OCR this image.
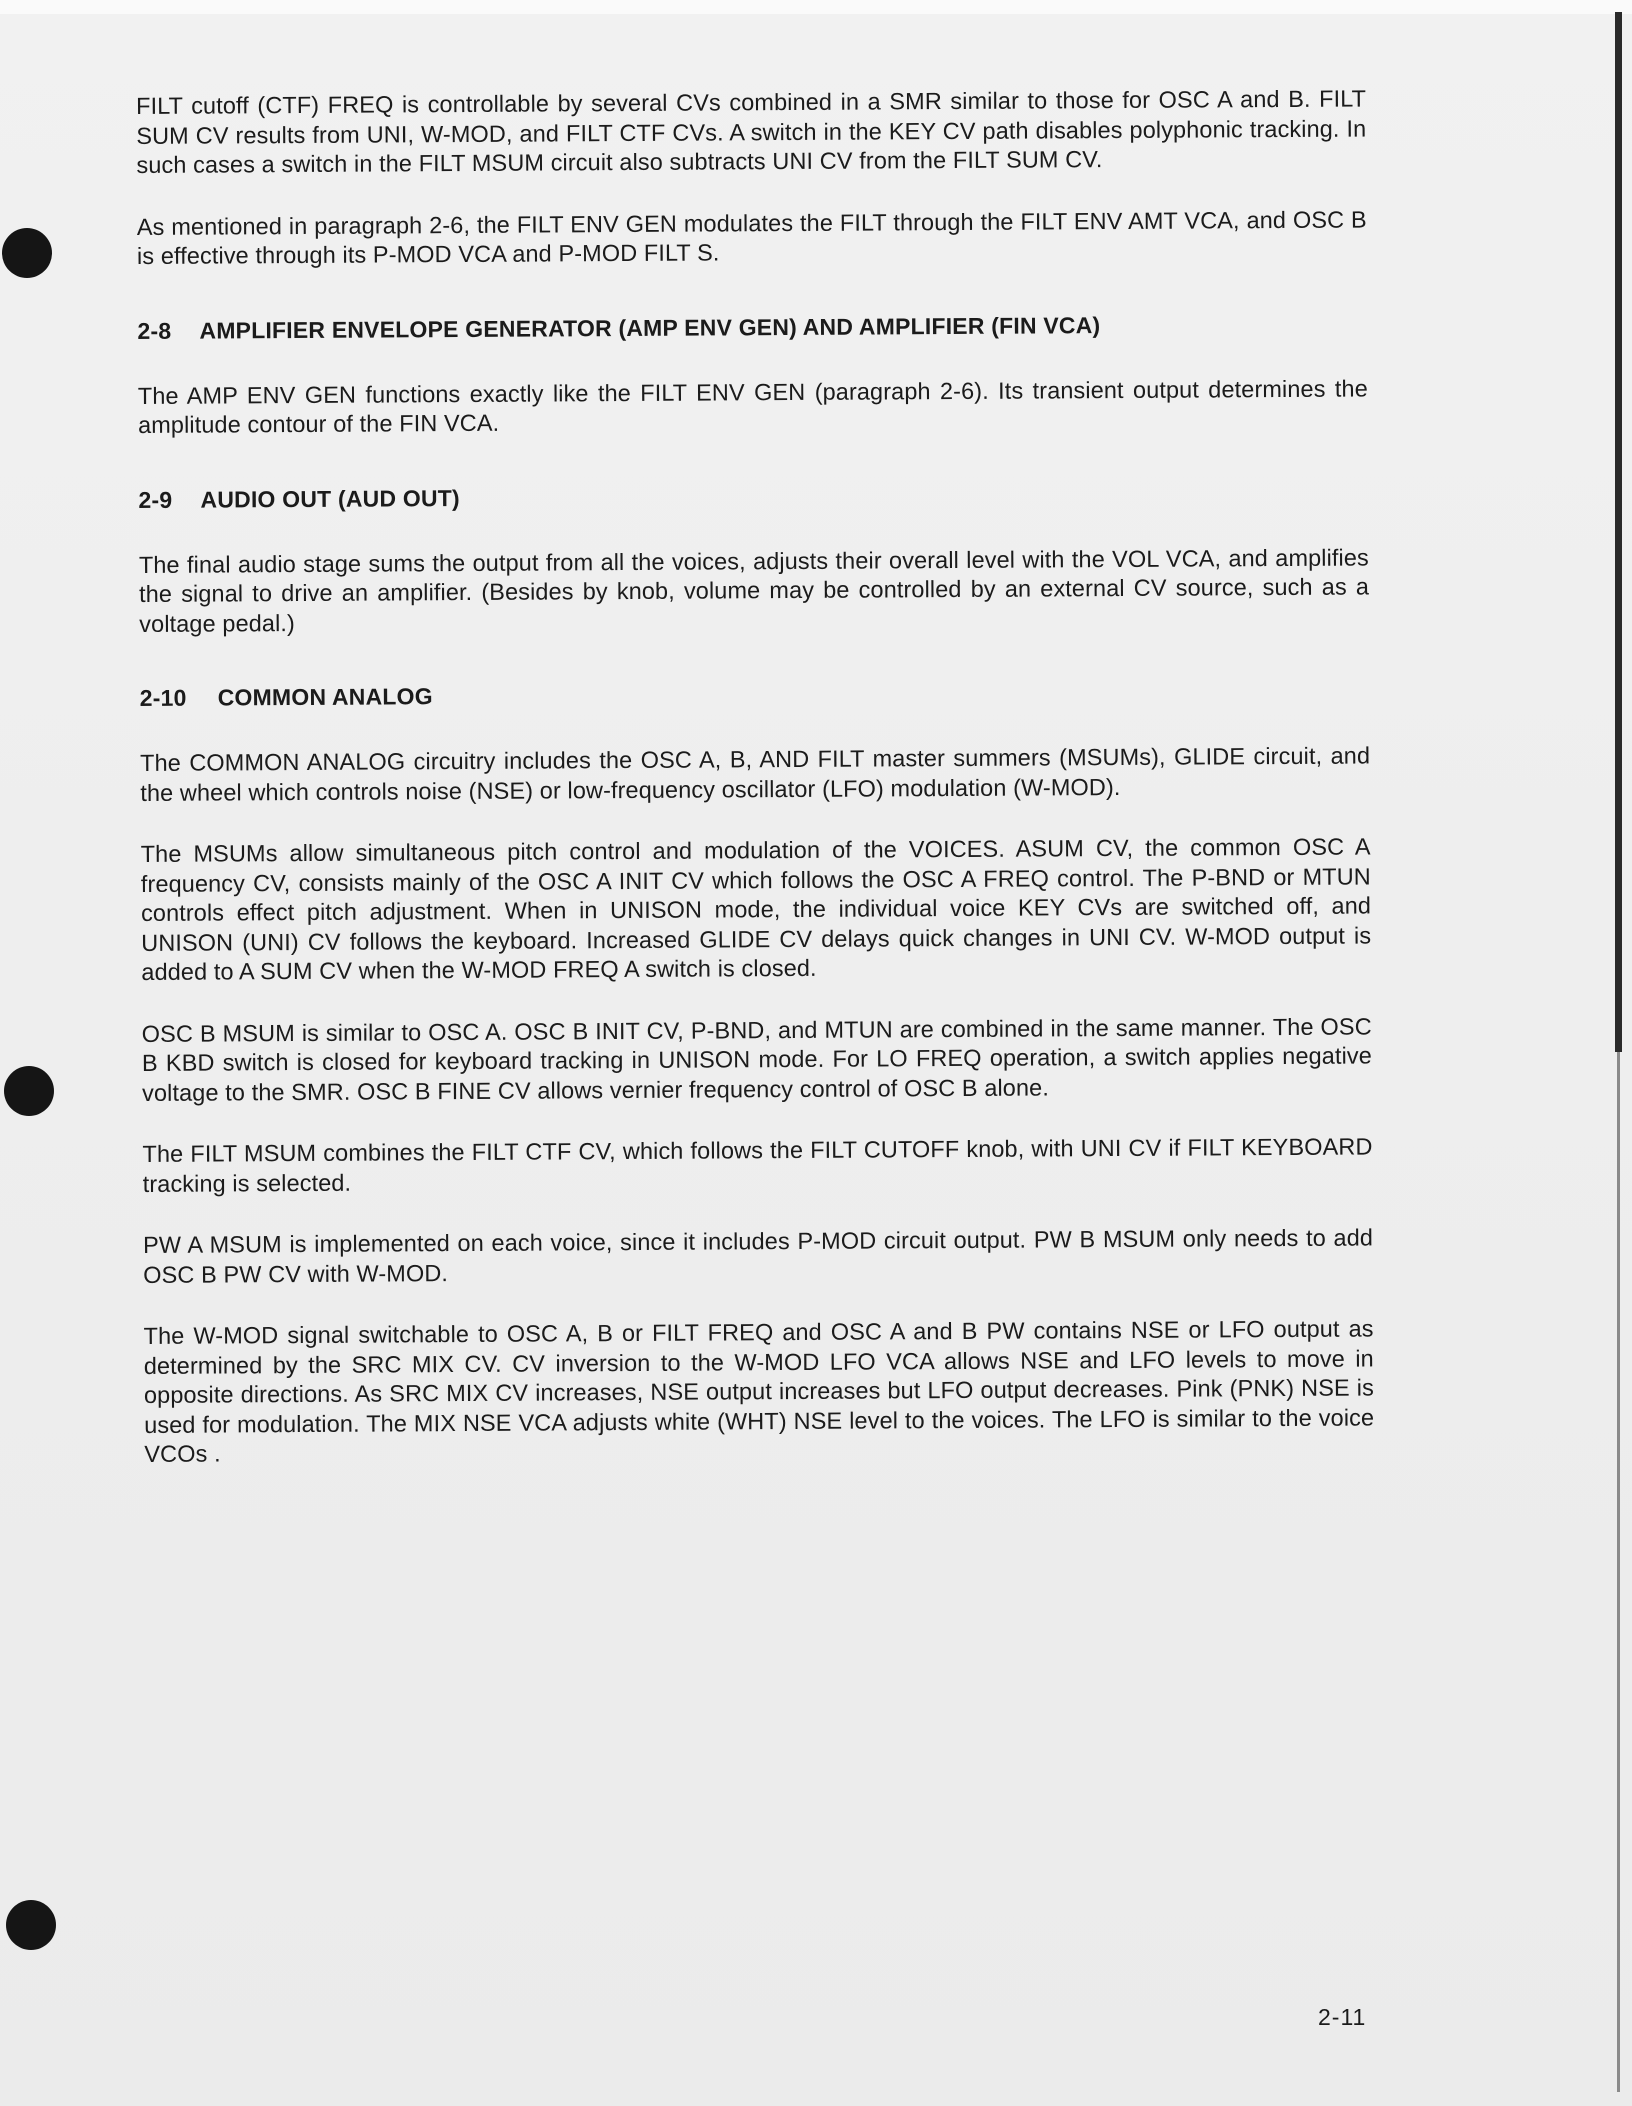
FILT cutoff (CTF) FREQ is controllable by several CVs combined in a SMR similar to those for OSC A and B. FILT SUM CV results from UNI, W-MOD, and FILT CTF CVs. A switch in the KEY CV path disables polyphonic tracking. In such cases a switch in the FILT MSUM circuit also subtracts UNI CV from the FILT SUM CV.

As mentioned in paragraph 2-6, the FILT ENV GEN modulates the FILT through the FILT ENV AMT VCA, and OSC B is effective through its P-MOD VCA and P-MOD FILT S.

2-8 AMPLIFIER ENVELOPE GENERATOR (AMP ENV GEN) AND AMPLIFIER (FIN VCA)

The AMP ENV GEN functions exactly like the FILT ENV GEN (paragraph 2-6). Its transient output determines the amplitude contour of the FIN VCA.

2-9 AUDIO OUT (AUD OUT)

The final audio stage sums the output from all the voices, adjusts their overall level with the VOL VCA, and amplifies the signal to drive an amplifier. (Besides by knob, volume may be controlled by an external CV source, such as a voltage pedal.)

2-10 COMMON ANALOG

The COMMON ANALOG circuitry includes the OSC A, B, AND FILT master summers (MSUMs), GLIDE circuit, and the wheel which controls noise (NSE) or low-frequency oscillator (LFO) modulation (W-MOD).

The MSUMs allow simultaneous pitch control and modulation of the VOICES. ASUM CV, the common OSC A frequency CV, consists mainly of the OSC A INIT CV which follows the OSC A FREQ control. The P-BND or MTUN controls effect pitch adjustment. When in UNISON mode, the individual voice KEY CVs are switched off, and UNISON (UNI) CV follows the keyboard. Increased GLIDE CV delays quick changes in UNI CV. W-MOD output is added to A SUM CV when the W-MOD FREQ A switch is closed.

OSC B MSUM is similar to OSC A. OSC B INIT CV, P-BND, and MTUN are combined in the same manner. The OSC B KBD switch is closed for keyboard tracking in UNISON mode. For LO FREQ operation, a switch applies negative voltage to the SMR. OSC B FINE CV allows vernier frequency control of OSC B alone.

The FILT MSUM combines the FILT CTF CV, which follows the FILT CUTOFF knob, with UNI CV if FILT KEYBOARD tracking is selected.

PW A MSUM is implemented on each voice, since it includes P-MOD circuit output. PW B MSUM only needs to add OSC B PW CV with W-MOD.

The W-MOD signal switchable to OSC A, B or FILT FREQ and OSC A and B PW contains NSE or LFO output as determined by the SRC MIX CV. CV inversion to the W-MOD LFO VCA allows NSE and LFO levels to move in opposite directions. As SRC MIX CV increases, NSE output increases but LFO output decreases. Pink (PNK) NSE is used for modulation. The MIX NSE VCA adjusts white (WHT) NSE level to the voices. The LFO is similar to the voice VCOs .

2-11
